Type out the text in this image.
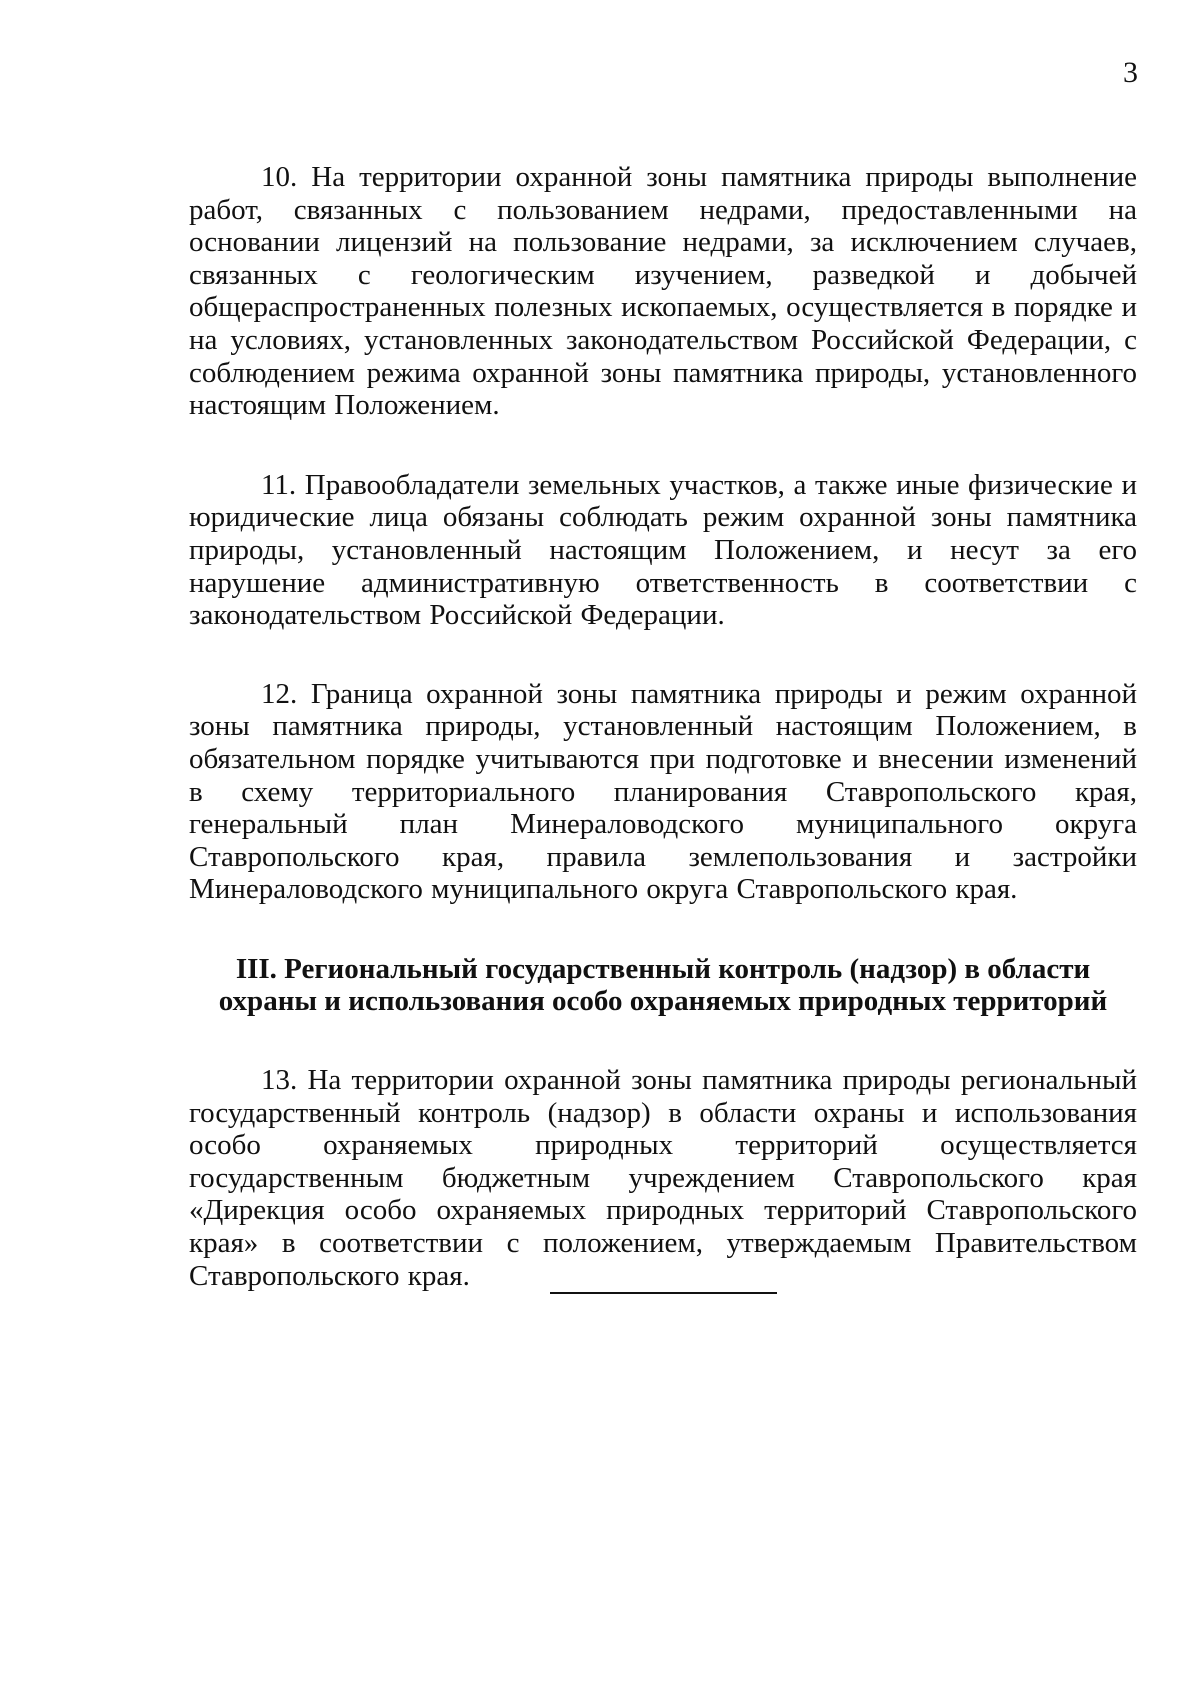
3

10. На территории охранной зоны памятника природы выполнение работ, связанных с пользованием недрами, предоставленными на основании лицензий на пользование недрами, за исключением случаев, связанных с геологическим изучением, разведкой и добычей общераспространенных полезных ископаемых, осуществляется в порядке и на условиях, установленных законодательством Российской Федерации, с соблюдением режима охранной зоны памятника природы, установленного настоящим Положением.

11. Правообладатели земельных участков, а также иные физические и юридические лица обязаны соблюдать режим охранной зоны памятника природы, установленный настоящим Положением, и несут за его нарушение административную ответственность в соответствии с законодательством Российской Федерации.

12. Граница охранной зоны памятника природы и режим охранной зоны памятника природы, установленный настоящим Положением, в обязательном порядке учитываются при подготовке и внесении изменений в схему территориального планирования Ставропольского края, генеральный план Минераловодского муниципального округа Ставропольского края, правила землепользования и застройки Минераловодского муниципального округа Ставропольского края.

III. Региональный государственный контроль (надзор) в области
охраны и использования особо охраняемых природных территорий

13. На территории охранной зоны памятника природы региональный государственный контроль (надзор) в области охраны и использования особо охраняемых природных территорий осуществляется государственным бюджетным учреждением Ставропольского края «Дирекция особо охраняемых природных территорий Ставропольского края» в соответствии с положением, утверждаемым Правительством Ставропольского края.
